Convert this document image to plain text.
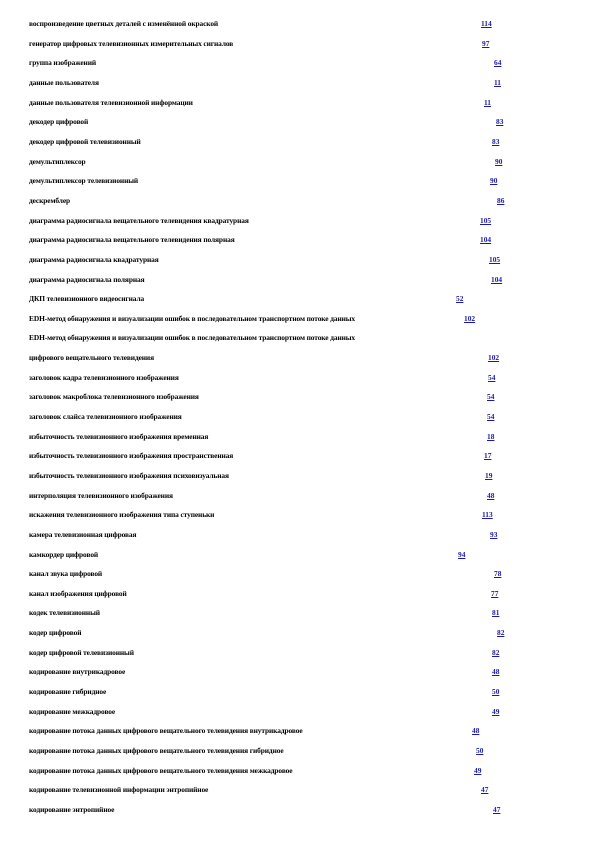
воспроизведение цветных деталей с изменённой окраской	114
генератор цифровых телевизионных измерительных сигналов	97
группа изображений	64
данные пользователя	11
данные пользователя телевизионной информации	11
декодер цифровой	83
декодер цифровой телевизионный	83
демультиплексор	90
демультиплексор телевизионный	90
дескремблер	86
диаграмма радиосигнала вещательного телевидения квадратурная	105
диаграмма радиосигнала вещательного телевидения полярная	104
диаграмма радиосигнала квадратурная	105
диаграмма радиосигнала полярная	104
ДКП телевизионного видеосигнала	52
EDH-метод обнаружения и визуализации ошибок в последовательном транспортном потоке данных	102
EDH-метод обнаружения и визуализации ошибок в последовательном транспортном потоке данных
цифрового вещательного телевидения	102
заголовок кадра телевизионного изображения	54
заголовок макроблока телевизионного изображения	54
заголовок слайса телевизионного изображения	54
избыточность телевизионного изображения временная	18
избыточность телевизионного изображения пространственная	17
избыточность телевизионного изображения психовизуальная	19
интерполяция телевизионного изображения	48
искажения телевизионного изображения типа ступеньки	113
камера телевизионная цифровая	93
камкордер цифровой	94
канал звука цифровой	78
канал изображения цифровой	77
кодек телевизионный	81
кодер цифровой	82
кодер цифровой телевизионный	82
кодирование внутрикадровое	48
кодирование гибридное	50
кодирование межкадровое	49
кодирование потока данных цифрового вещательного телевидения внутрикадровое	48
кодирование потока данных цифрового вещательного телевидения гибридное	50
кодирование потока данных цифрового вещательного телевидения межкадровое	49
кодирование телевизионной информации энтропийное	47
кодирование энтропийное	47
